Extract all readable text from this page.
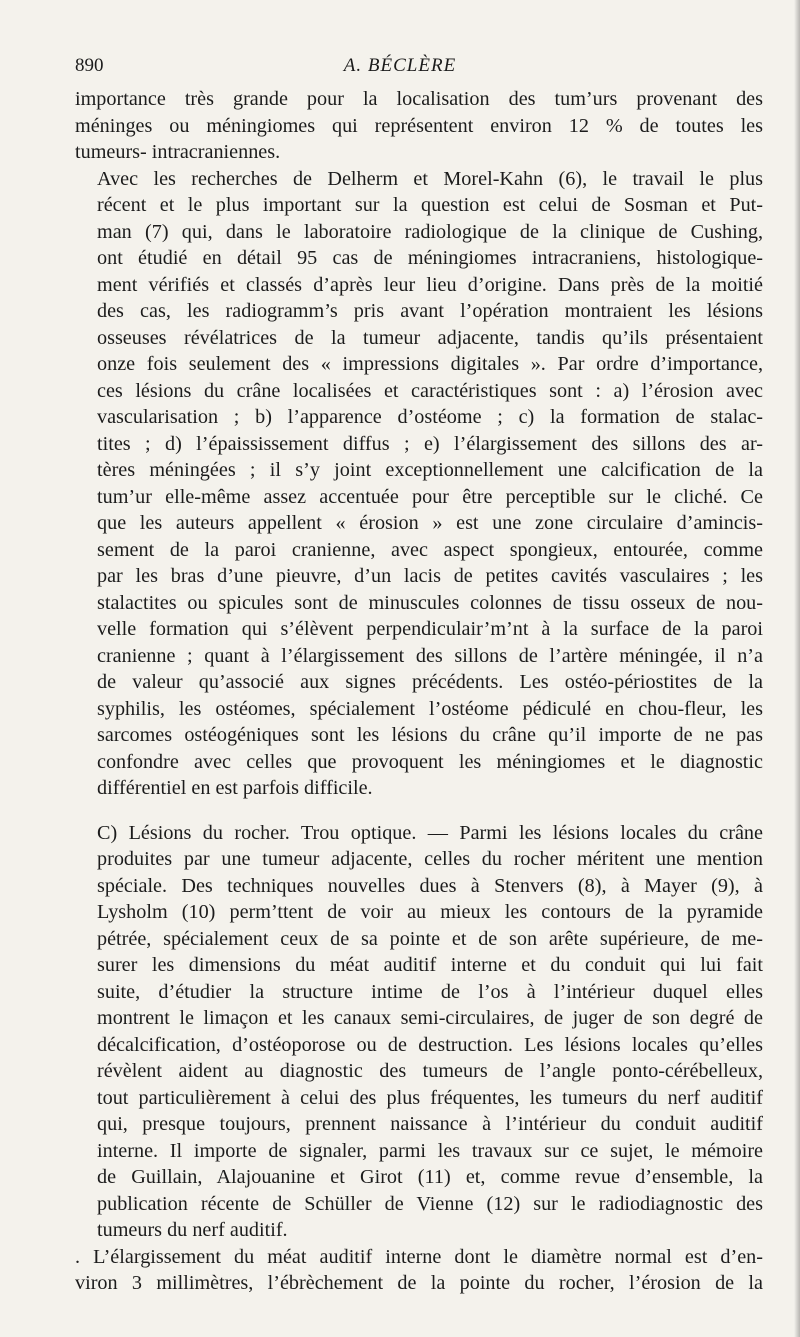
890	A. BÉCLÈRE

importance très grande pour la localisation des tum’urs provenant des
méninges ou méningiomes qui représentent environ 12 % de toutes les
tumeurs- intracraniennes.

Avec les recherches de Delherm et Morel-Kahn (6), le travail le plus
récent et le plus important sur la question est celui de Sosman et Put-
man (7) qui, dans le laboratoire radiologique de la clinique de Cushing,
ont étudié en détail 95 cas de méningiomes intracraniens, histologique-
ment vérifiés et classés d’après leur lieu d’origine. Dans près de la moitié
des cas, les radiogramm’s pris avant l’opération montraient les lésions
osseuses révélatrices de la tumeur adjacente, tandis qu’ils présentaient
onze fois seulement des « impressions digitales ». Par ordre d’importance,
ces lésions du crâne localisées et caractéristiques sont : a) l’érosion avec
vascularisation ; b) l’apparence d’ostéome ; c) la formation de stalac-
tites ; d) l’épaississement diffus ; e) l’élargissement des sillons des ar-
tères méningées ; il s’y joint exceptionnellement une calcification de la
tum’ur elle-même assez accentuée pour être perceptible sur le cliché. Ce
que les auteurs appellent « érosion » est une zone circulaire d’amincis-
sement de la paroi cranienne, avec aspect spongieux, entourée, comme
par les bras d’une pieuvre, d’un lacis de petites cavités vasculaires ; les
stalactites ou spicules sont de minuscules colonnes de tissu osseux de nou-
velle formation qui s’élèvent perpendiculair’m’nt à la surface de la paroi
cranienne ; quant à l’élargissement des sillons de l’artère méningée, il n’a
de valeur qu’associé aux signes précédents. Les ostéo-périostites de la
syphilis, les ostéomes, spécialement l’ostéome pédiculé en chou-fleur, les
sarcomes ostéogéniques sont les lésions du crâne qu’il importe de ne pas
confondre avec celles que provoquent les méningiomes et le diagnostic
différentiel en est parfois difficile.

C) Lésions du rocher. Trou optique. — Parmi les lésions locales du crâne
produites par une tumeur adjacente, celles du rocher méritent une mention
spéciale. Des techniques nouvelles dues à Stenvers (8), à Mayer (9), à
Lysholm (10) perm’ttent de voir au mieux les contours de la pyramide
pétrée, spécialement ceux de sa pointe et de son arête supérieure, de me-
surer les dimensions du méat auditif interne et du conduit qui lui fait
suite, d’étudier la structure intime de l’os à l’intérieur duquel elles
montrent le limaçon et les canaux semi-circulaires, de juger de son degré de
décalcification, d’ostéoporose ou de destruction. Les lésions locales qu’elles
révèlent aident au diagnostic des tumeurs de l’angle ponto-cérébelleux,
tout particulièrement à celui des plus fréquentes, les tumeurs du nerf auditif
qui, presque toujours, prennent naissance à l’intérieur du conduit auditif
interne. Il importe de signaler, parmi les travaux sur ce sujet, le mémoire
de Guillain, Alajouanine et Girot (11) et, comme revue d’ensemble, la
publication récente de Schüller de Vienne (12) sur le radiodiagnostic des
tumeurs du nerf auditif.

. L’élargissement du méat auditif interne dont le diamètre normal est d’en-
viron 3 millimètres, l’ébrèchement de la pointe du rocher, l’érosion de la
